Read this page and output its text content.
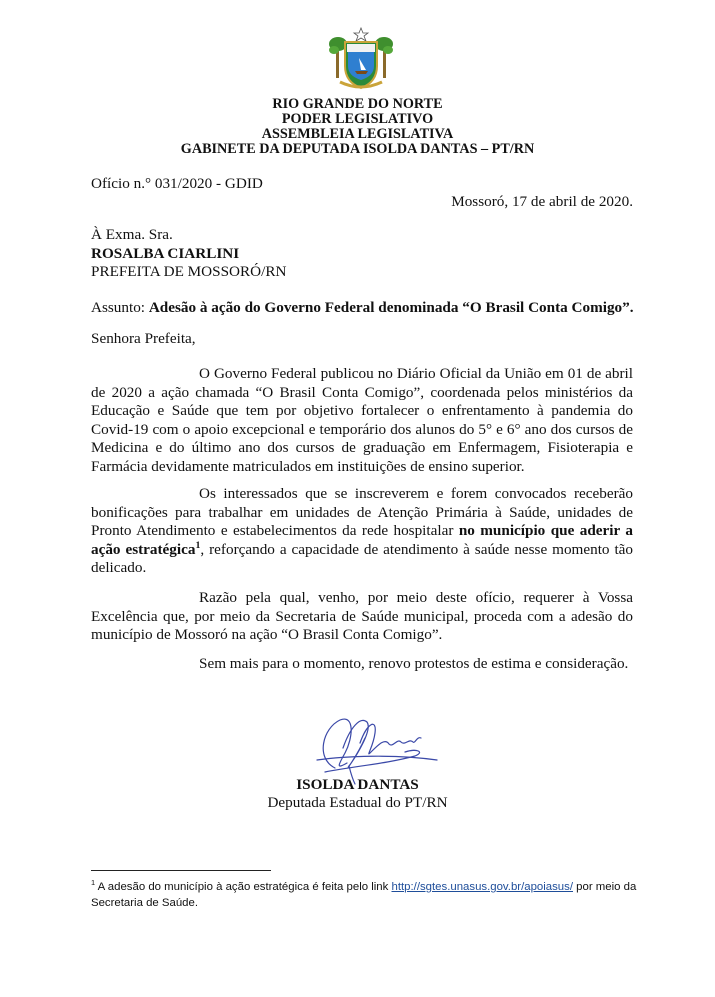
RIO GRANDE DO NORTE
PODER LEGISLATIVO
ASSEMBLEIA LEGISLATIVA
GABINETE DA DEPUTADA ISOLDA DANTAS – PT/RN
Ofício n.° 031/2020 - GDID
Mossoró, 17 de abril de 2020.
À Exma. Sra.
ROSALBA CIARLINI
PREFEITA DE MOSSORÓ/RN
Assunto: Adesão à ação do Governo Federal denominada “O Brasil Conta Comigo”.
Senhora Prefeita,
O Governo Federal publicou no Diário Oficial da União em 01 de abril de 2020 a ação chamada “O Brasil Conta Comigo”, coordenada pelos ministérios da Educação e Saúde que tem por objetivo fortalecer o enfrentamento à pandemia do Covid-19 com o apoio excepcional e temporário dos alunos do 5° e 6° ano dos cursos de Medicina e do último ano dos cursos de graduação em Enfermagem, Fisioterapia e Farmácia devidamente matriculados em instituições de ensino superior.
Os interessados que se inscreverem e forem convocados receberão bonificações para trabalhar em unidades de Atenção Primária à Saúde, unidades de Pronto Atendimento e estabelecimentos da rede hospitalar no município que aderir a ação estratégica$^1$, reforçando a capacidade de atendimento à saúde nesse momento tão delicado.
Razão pela qual, venho, por meio deste ofício, requerer à Vossa Excelência que, por meio da Secretaria de Saúde municipal, proceda com a adesão do município de Mossoró na ação “O Brasil Conta Comigo”.
Sem mais para o momento, renovo protestos de estima e consideração.
ISOLDA DANTAS
Deputada Estadual do PT/RN
$^1$ A adesão do município à ação estratégica é feita pelo link http://sgtes.unasus.gov.br/apoiasus/ por meio da Secretaria de Saúde.
